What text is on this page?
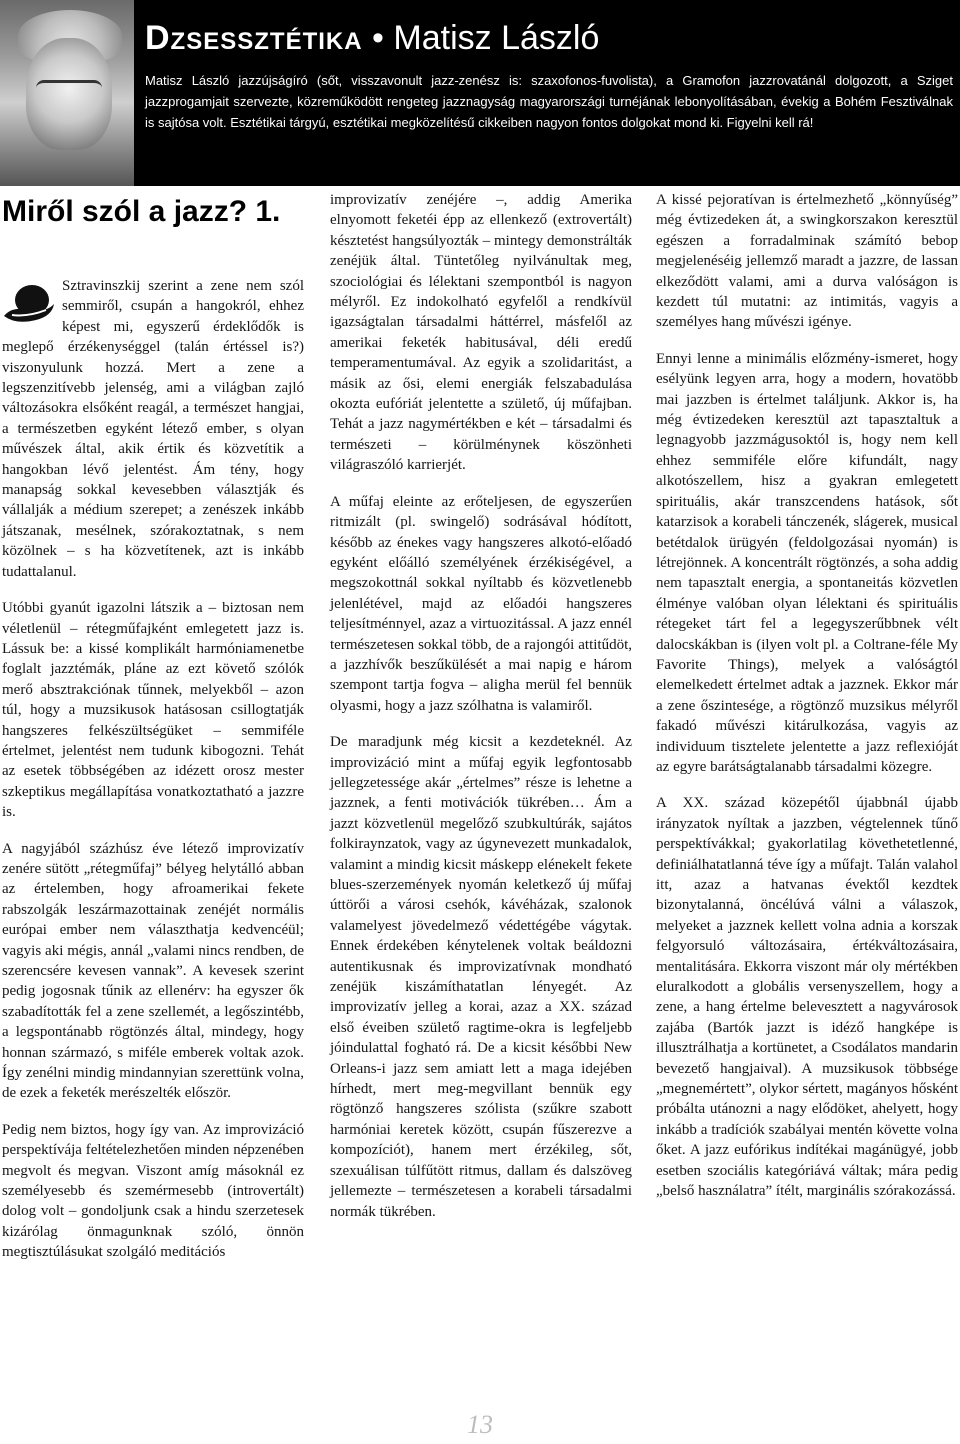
Dzsessztétika • Matisz László

Matisz László jazzújságíró (sőt, visszavonult jazz-zenész is: szaxofonos-fuvolista), a Gramofon jazzrovatánál dolgozott, a Sziget jazzprogamjait szervezte, közreműködött rengeteg jazznagyság magyarországi turnéjának lebonyolításában, évekig a Bohém Fesztiválnak is sajtósa volt. Esztétikai tárgyú, esztétikai megközelítésű cikkeiben nagyon fontos dolgokat mond ki. Figyelni kell rá!

Miről szól a jazz? 1.

Sztravinszkij szerint a zene nem szól semmiről, csupán a hangokról, ehhez képest mi, egyszerű érdeklődők is meglepő érzékenységgel (talán értéssel is?) viszonyulunk hozzá. Mert a zene a legszenzitívebb jelenség, ami a világban zajló változásokra elsőként reagál, a természet hangjai, a természetben egyként létező ember, s olyan művészek által, akik értik és közvetítik a hangokban lévő jelentést. Ám tény, hogy manapság sokkal kevesebben választják és vállalják a médium szerepet; a zenészek inkább játszanak, mesélnek, szórakoztatnak, s nem közölnek – s ha közvetítenek, azt is inkább tudattalanul.

Utóbbi gyanút igazolni látszik a – biztosan nem véletlenül – rétegműfajként emlegetett jazz is. Lássuk be: a kissé komplikált harmóniamenetbe foglalt jazztémák, pláne az ezt követő szólók merő absztrakciónak tűnnek, melyekből – azon túl, hogy a muzsikusok hatásosan csillogtatják hangszeres felkészültségüket – semmiféle értelmet, jelentést nem tudunk kibogozni. Tehát az esetek többségében az idézett orosz mester szkeptikus megállapítása vonatkoztatható a jazzre is.

A nagyjából százhúsz éve létező improvizatív zenére sütött „rétegműfaj” bélyeg helytálló abban az értelemben, hogy afroamerikai fekete rabszolgák leszármazottainak zenéjét normális európai ember nem választhatja kedvencéül; vagyis aki mégis, annál „valami nincs rendben, de szerencsére kevesen vannak”. A kevesek szerint pedig jogosnak tűnik az ellenérv: ha egyszer ők szabadították fel a zene szellemét, a legőszintébb, a legspontánabb rögtönzés által, mindegy, hogy honnan származó, s miféle emberek voltak azok. Így zenélni mindig mindannyian szerettünk volna, de ezek a feketék merészelték először.

Pedig nem biztos, hogy így van. Az improvizáció perspektívája feltételezhetően minden népzenében megvolt és megvan. Viszont amíg másoknál ez személyesebb és szemérmesebb (introvertált) dolog volt – gondoljunk csak a hindu szerzetesek kizárólag önmagunknak szóló, önnön megtisztúlásukat szolgáló meditációs

improvizatív zenéjére –, addig Amerika elnyomott feketéi épp az ellenkező (extrovertált) késztetést hangsúlyozták – mintegy demonstrálták zenéjük által. Tüntetőleg nyilvánultak meg, szociológiai és lélektani szempontból is nagyon mélyről. Ez indokolható egyfelől a rendkívül igazságtalan társadalmi háttérrel, másfelől az amerikai feketék habitusával, déli eredű temperamentumával. Az egyik a szolidaritást, a másik az ősi, elemi energiák felszabadulása okozta eufóriát jelentette a születő, új műfajban. Tehát a jazz nagymértékben e két – társadalmi és természeti – körülménynek köszönheti világraszóló karrierjét.

A műfaj eleinte az erőteljesen, de egyszerűen ritmizált (pl. swingelő) sodrásával hódított, később az énekes vagy hangszeres alkotó-előadó egyként előálló személyének érzékiségével, a megszokottnál sokkal nyíltabb és közvetlenebb jelenlétével, majd az előadói hangszeres teljesítménnyel, azaz a virtuozitással. A jazz ennél természetesen sokkal több, de a rajongói attitűdöt, a jazzhívők beszűkülését a mai napig e három szempont tartja fogva – aligha merül fel bennük olyasmi, hogy a jazz szólhatna is valamiről.

De maradjunk még kicsit a kezdeteknél. Az improvizáció mint a műfaj egyik legfontosabb jellegzetessége akár „értelmes” része is lehetne a jazznek, a fenti motivációk tükrében… Ám a jazzt közvetlenül megelőző szubkultúrák, sajátos folkiraynzatok, vagy az úgynevezett munkadalok, valamint a mindig kicsit máskepp elénekelt fekete blues-szerzemények nyomán keletkező új műfaj úttörői a városi csehók, kávéházak, szalonok valamelyest jövedelmező védettégébe vágytak. Ennek érdekében kénytelenek voltak beáldozni autentikusnak és improvizatívnak mondható zenéjük kiszámíthatatlan lényegét. Az improvizatív jelleg a korai, azaz a XX. század első éveiben születő ragtime-okra is legfeljebb jóindulattal fogható rá. De a kicsit későbbi New Orleans-i jazz sem amiatt lett a maga idejében hírhedt, mert meg-megvillant bennük egy rögtönző hangszeres szólista (szűkre szabott harmóniai keretek között, csupán fűszerezve a kompozíciót), hanem mert érzékileg, sőt, szexuálisan túlfűtött ritmus, dallam és dalszöveg jellemezte – természetesen a korabeli társadalmi normák tükrében.

A kissé pejoratívan is értelmezhető „könnyűség” még évtizedeken át, a swingkorszakon keresztül egészen a forradalminak számító bebop megjelenéséig jellemző maradt a jazzre, de lassan elkeződött valami, ami a durva valóságon is kezdett túl mutatni: az intimitás, vagyis a személyes hang művészi igénye.

Ennyi lenne a minimális előzmény-ismeret, hogy esélyünk legyen arra, hogy a modern, hovatöbb mai jazzben is értelmet találjunk. Akkor is, ha még évtizedeken keresztül azt tapasztaltuk a legnagyobb jazzmágusoktól is, hogy nem kell ehhez semmiféle előre kifundált, nagy alkotószellem, hisz a gyakran emlegetett spirituális, akár transzcendens hatások, sőt katarzisok a korabeli tánczenék, slágerek, musical betétdalok ürügyén (feldolgozásai nyomán) is létrejönnek. A koncentrált rögtönzés, a soha addig nem tapasztalt energia, a spontaneitás közvetlen élménye valóban olyan lélektani és spirituális rétegeket tárt fel a legegyszerűbbnek vélt dalocskákban is (ilyen volt pl. a Coltrane-féle My Favorite Things), melyek a valóságtól elemelkedett értelmet adtak a jazznek. Ekkor már a zene őszintesége, a rögtönző muzsikus mélyről fakadó művészi kitárulkozása, vagyis az individuum tisztelete jelentette a jazz reflexióját az egyre barátságtalanabb társadalmi közegre.

A XX. század közepétől újabbnál újabb irányzatok nyíltak a jazzben, végtelennek tűnő perspektívákkal; gyakorlatilag követhetetlenné, definiálhatatlanná téve így a műfajt. Talán valahol itt, azaz a hatvanas évektől kezdtek bizonytalanná, öncélúvá válni a válaszok, melyeket a jazznek kellett volna adnia a korszak felgyorsuló változásaira, értékváltozásaira, mentalitására. Ekkorra viszont már oly mértékben eluralkodott a globális versenyszellem, hogy a zene, a hang értelme belevesztett a nagyvárosok zajába (Bartók jazzt is idéző hangképe is illusztrálhatja a kortünetet, a Csodálatos mandarin bevezető hangjaival). A muzsikusok többsége „megnemértett”, olykor sértett, magányos hősként próbálta utánozni a nagy elődöket, ahelyett, hogy inkább a tradíciók szabályai mentén követte volna őket. A jazz eufórikus indítékai magánügyé, jobb esetben szociális kategóriává váltak; mára pedig „belső használatra” ítélt, marginális szórakozássá.

13
